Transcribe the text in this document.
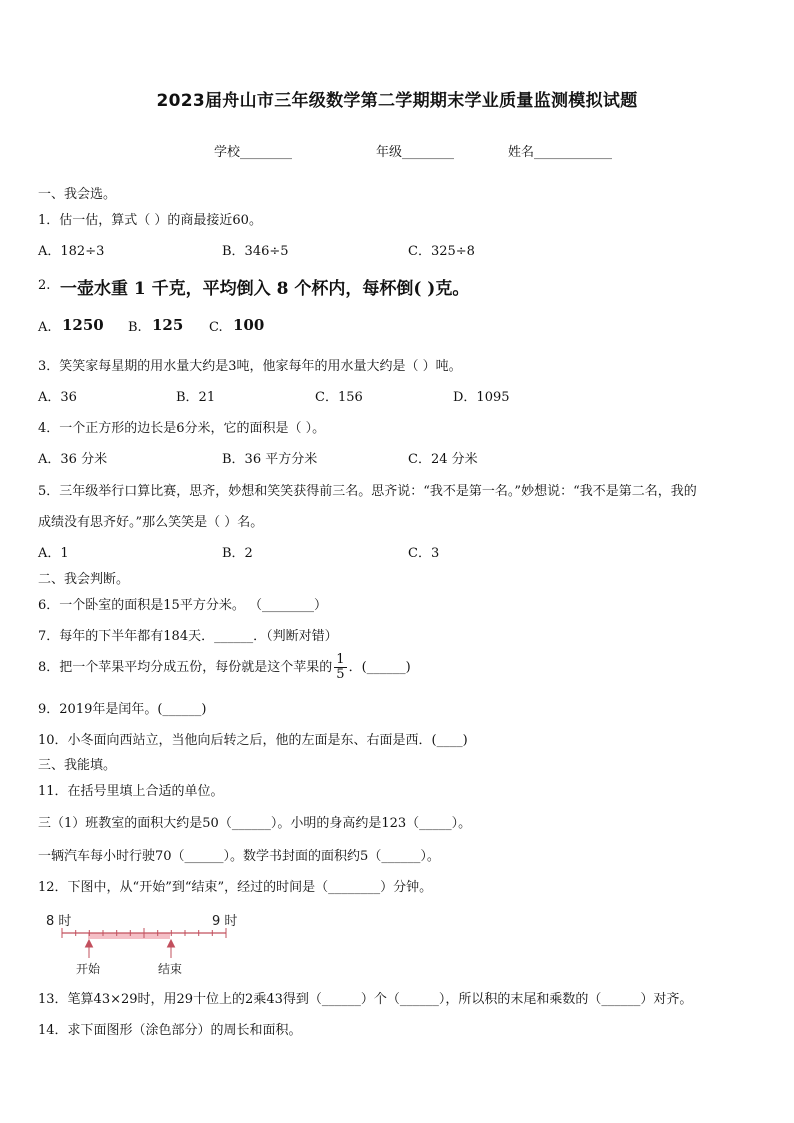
2023届舟山市三年级数学第二学期期末学业质量监测模拟试题
学校________	年级________	姓名____________
一、我会选。
1．估一估，算式（ ）的商最接近60。
A．182÷3	B．346÷5	C．325÷8
2. 一壶水重 1 千克，平均倒入 8 个杯内，每杯倒( )克。
A. 1250 B. 125 C. 100
3．笑笑家每星期的用水量大约是3吨，他家每年的用水量大约是（ ）吨。
A．36	B．21	C．156	D．1095
4．一个正方形的边长是6分米，它的面积是（ ）。
A．36 分米	B．36 平方分米	C．24 分米
5．三年级举行口算比赛，思齐，妙想和笑笑获得前三名。思齐说：“我不是第一名。”妙想说：“我不是第二名，我的
成绩没有思齐好。”那么笑笑是（ ）名。
A．1	B．2	C．3
二、我会判断。
6．一个卧室的面积是15平方分米。 （________）
7．每年的下半年都有184天．______．（判断对错）
8．把一个苹果平均分成五份，每份就是这个苹果的 $\frac{1}{5}$ ．(______)
9．2019年是闰年。(______)
10．小冬面向西站立，当他向后转之后，他的左面是东、右面是西．(____)
三、我能填。
11．在括号里填上合适的单位。
三（1）班教室的面积大约是50（______）。小明的身高约是123（_____）。
一辆汽车每小时行驶70（______）。数学书封面的面积约5（______）。
12．下图中，从“开始”到“结束”，经过的时间是（________）分钟。
8 时	9 时
开始	结束
13．笔算43×29时，用29十位上的2乘43得到（______）个（______），所以积的末尾和乘数的（______）对齐。
14．求下面图形（涂色部分）的周长和面积。
